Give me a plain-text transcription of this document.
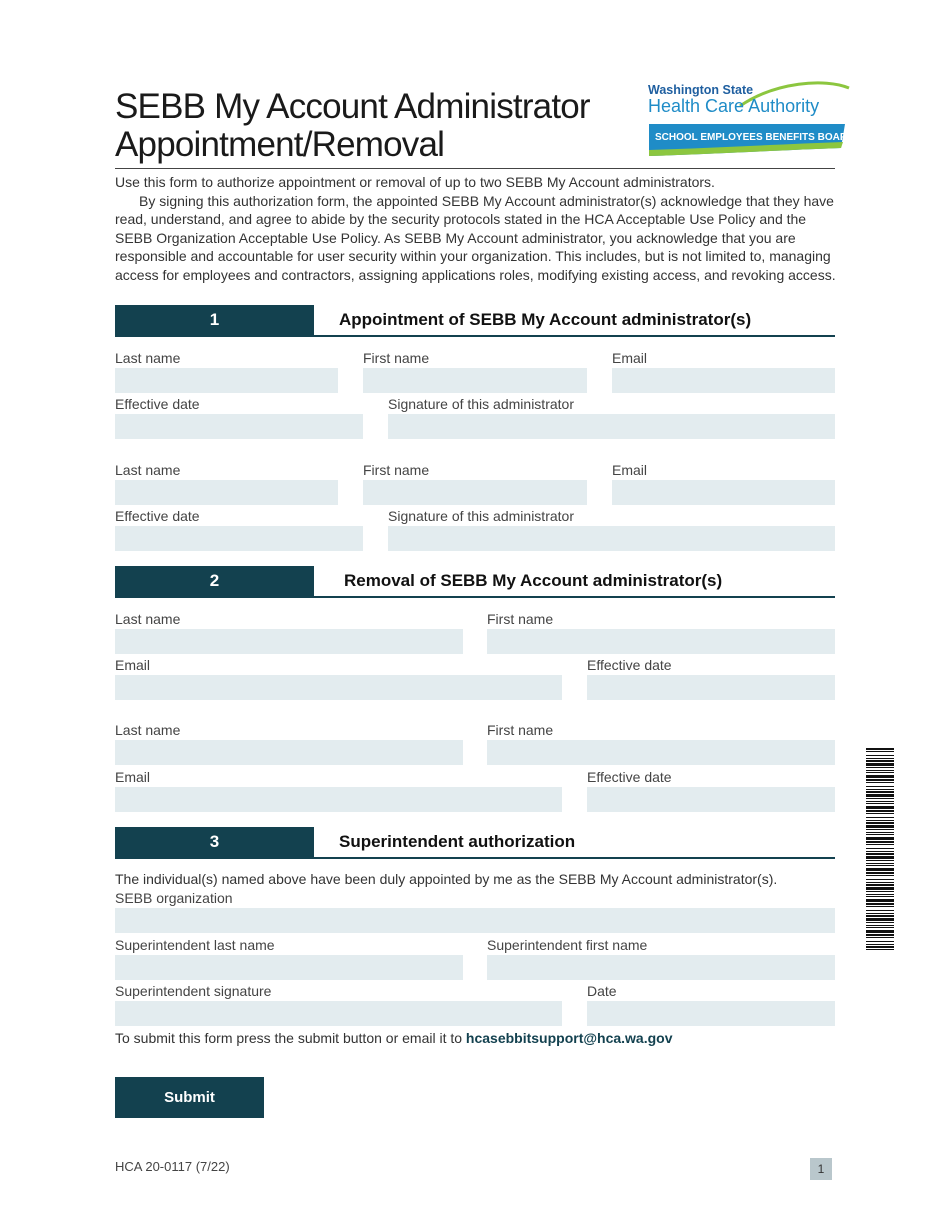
SEBB My Account Administrator
Appointment/Removal
Washington State
Health Care Authority
SCHOOL EMPLOYEES BENEFITS BOARD

Use this form to authorize appointment or removal of up to two SEBB My Account administrators.

By signing this authorization form, the appointed SEBB My Account administrator(s) acknowledge that they have read, understand, and agree to abide by the security protocols stated in the HCA Acceptable Use Policy and the SEBB Organization Acceptable Use Policy. As SEBB My Account administrator, you acknowledge that you are responsible and accountable for user security within your organization. This includes, but is not limited to, managing access for employees and contractors, assigning applications roles, modifying existing access, and revoking access.

1	Appointment of SEBB My Account administrator(s)
Last name	First name	Email
Effective date	Signature of this administrator
Last name	First name	Email
Effective date	Signature of this administrator
2	Removal of SEBB My Account administrator(s)
Last name	First name
Email	Effective date
Last name	First name
Email	Effective date
3	Superintendent authorization
The individual(s) named above have been duly appointed by me as the SEBB My Account administrator(s).
SEBB organization
Superintendent last name	Superintendent first name
Superintendent signature	Date
To submit this form press the submit button or email it to hcasebbitsupport@hca.wa.gov
Submit
HCA 20-0117 (7/22)	1
